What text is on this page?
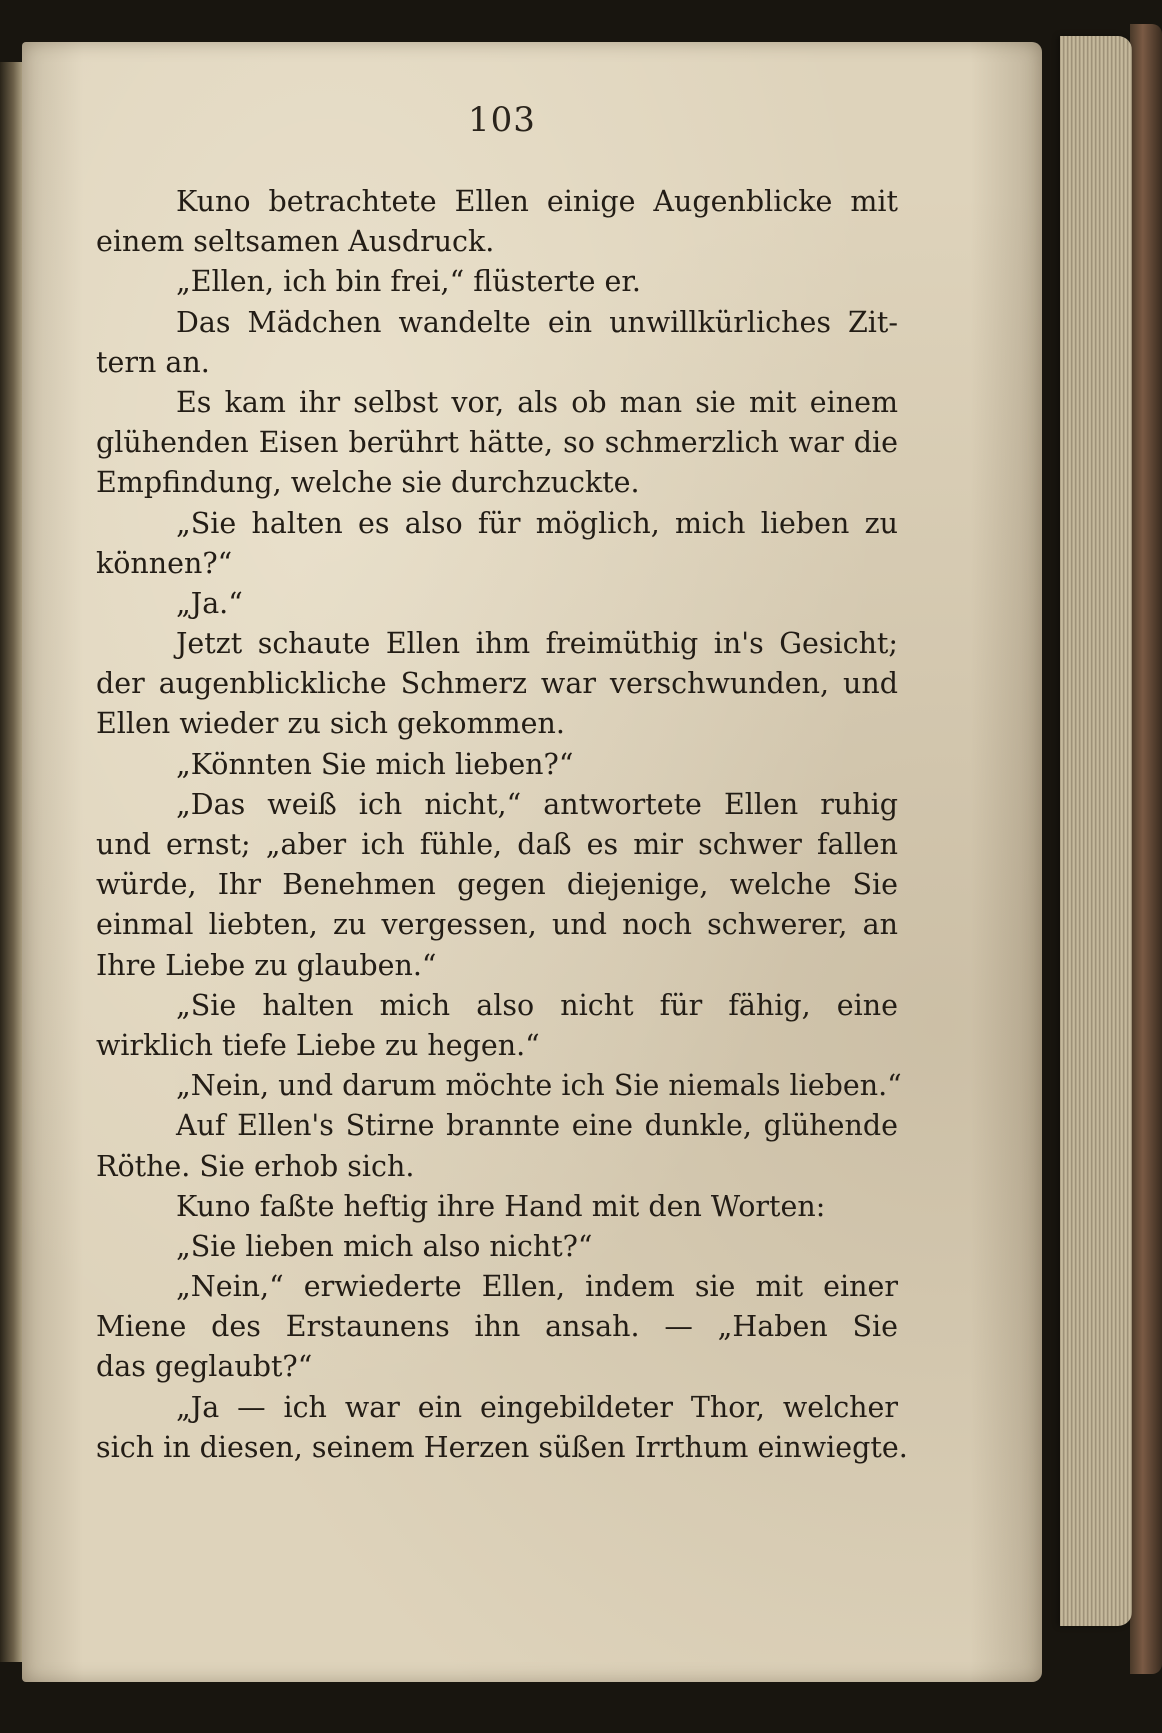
103
Kuno betrachtete Ellen einige Augenblicke mit
einem seltsamen Ausdruck.
„Ellen, ich bin frei,“ flüsterte er.
Das Mädchen wandelte ein unwillkürliches Zit-
tern an.
Es kam ihr selbst vor, als ob man sie mit einem
glühenden Eisen berührt hätte, so schmerzlich war die
Empfindung, welche sie durchzuckte.
„Sie halten es also für möglich, mich lieben zu
können?“
„Ja.“
Jetzt schaute Ellen ihm freimüthig in's Gesicht;
der augenblickliche Schmerz war verschwunden, und
Ellen wieder zu sich gekommen.
„Könnten Sie mich lieben?“
„Das weiß ich nicht,“ antwortete Ellen ruhig
und ernst; „aber ich fühle, daß es mir schwer fallen
würde, Ihr Benehmen gegen diejenige, welche Sie
einmal liebten, zu vergessen, und noch schwerer, an
Ihre Liebe zu glauben.“
„Sie halten mich also nicht für fähig, eine
wirklich tiefe Liebe zu hegen.“
„Nein, und darum möchte ich Sie niemals lieben.“
Auf Ellen's Stirne brannte eine dunkle, glühende
Röthe. Sie erhob sich.
Kuno faßte heftig ihre Hand mit den Worten:
„Sie lieben mich also nicht?“
„Nein,“ erwiederte Ellen, indem sie mit einer
Miene des Erstaunens ihn ansah. — „Haben Sie
das geglaubt?“
„Ja — ich war ein eingebildeter Thor, welcher
sich in diesen, seinem Herzen süßen Irrthum einwiegte.
